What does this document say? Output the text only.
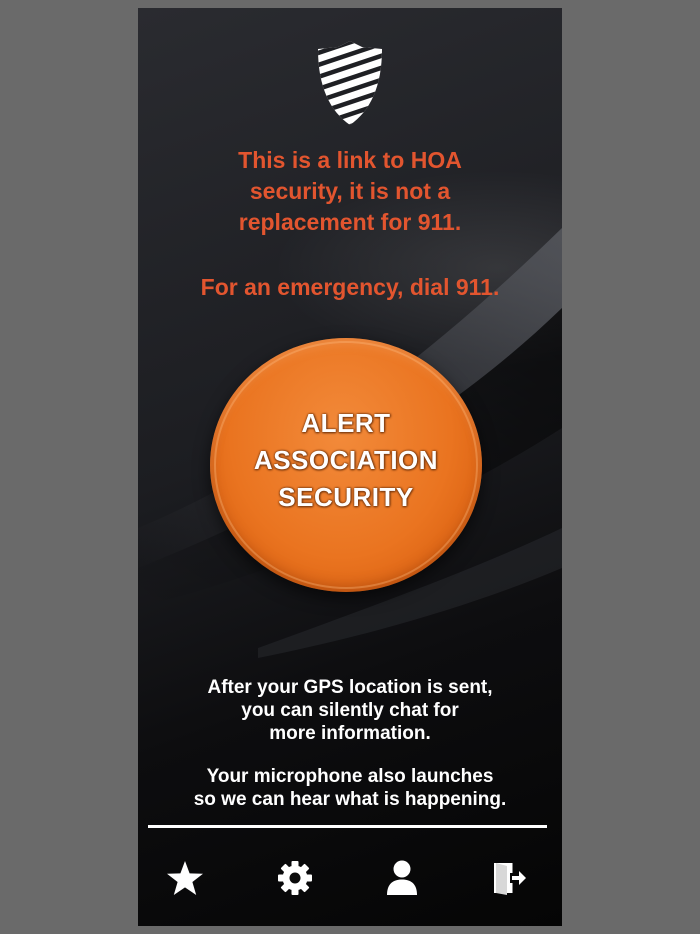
This is a link to HOA
security, it is not a
replacement for 911.
For an emergency, dial 911.
ALERT
ASSOCIATION
SECURITY
After your GPS location is sent,
you can silently chat for
more information.
Your microphone also launches
so we can hear what is happening.
